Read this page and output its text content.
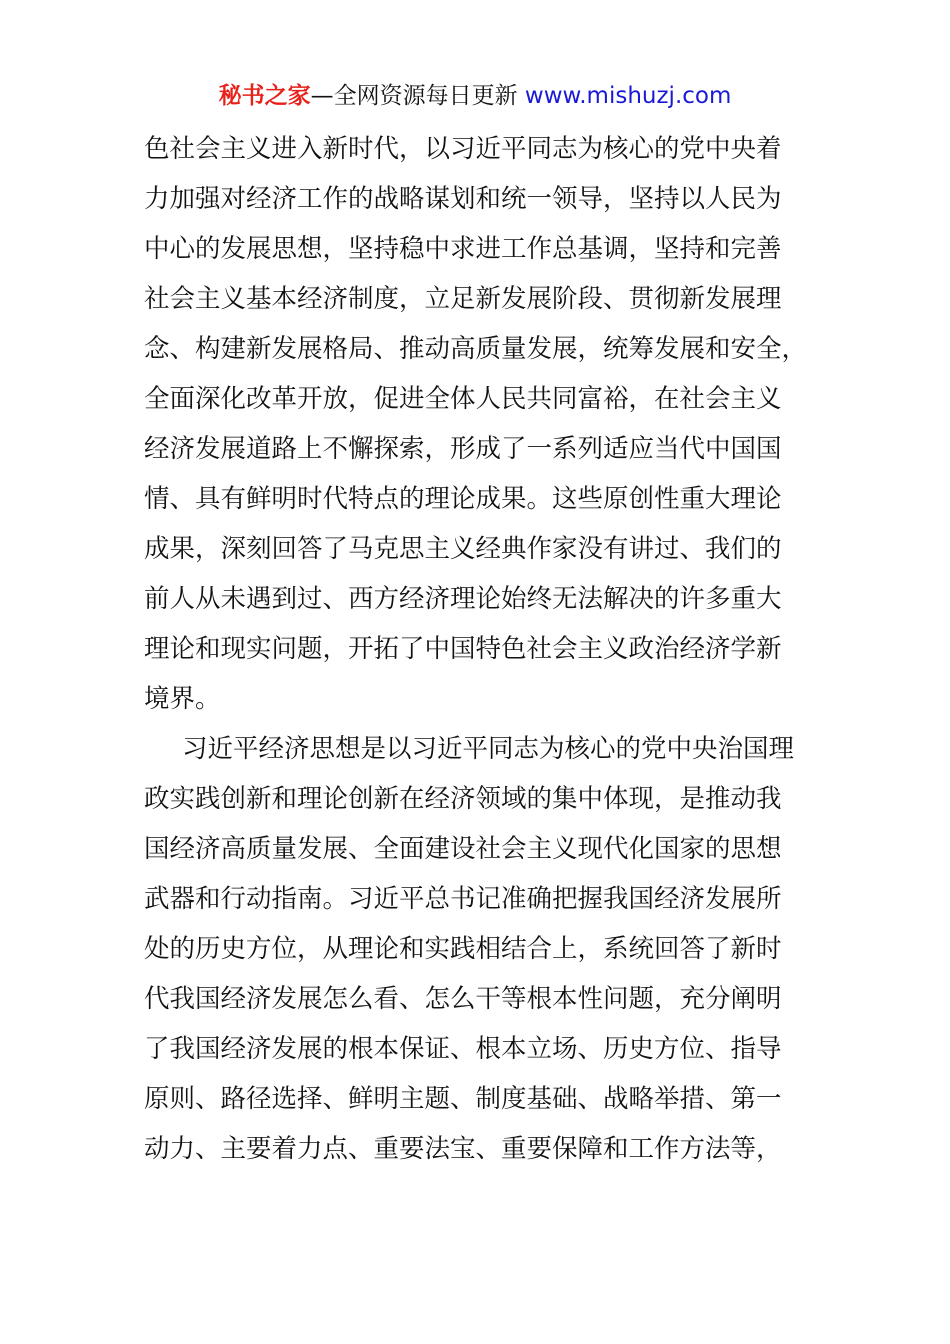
秘书之家—全网资源每日更新 www.mishuzj.com
色社会主义进入新时代，以习近平同志为核心的党中央着
力加强对经济工作的战略谋划和统一领导，坚持以人民为
中心的发展思想，坚持稳中求进工作总基调，坚持和完善
社会主义基本经济制度，立足新发展阶段、贯彻新发展理
念、构建新发展格局、推动高质量发展，统筹发展和安全，
全面深化改革开放，促进全体人民共同富裕，在社会主义
经济发展道路上不懈探索，形成了一系列适应当代中国国
情、具有鲜明时代特点的理论成果。这些原创性重大理论
成果，深刻回答了马克思主义经典作家没有讲过、我们的
前人从未遇到过、西方经济理论始终无法解决的许多重大
理论和现实问题，开拓了中国特色社会主义政治经济学新
境界。
习近平经济思想是以习近平同志为核心的党中央治国理
政实践创新和理论创新在经济领域的集中体现，是推动我
国经济高质量发展、全面建设社会主义现代化国家的思想
武器和行动指南。习近平总书记准确把握我国经济发展所
处的历史方位，从理论和实践相结合上，系统回答了新时
代我国经济发展怎么看、怎么干等根本性问题，充分阐明
了我国经济发展的根本保证、根本立场、历史方位、指导
原则、路径选择、鲜明主题、制度基础、战略举措、第一
动力、主要着力点、重要法宝、重要保障和工作方法等，
